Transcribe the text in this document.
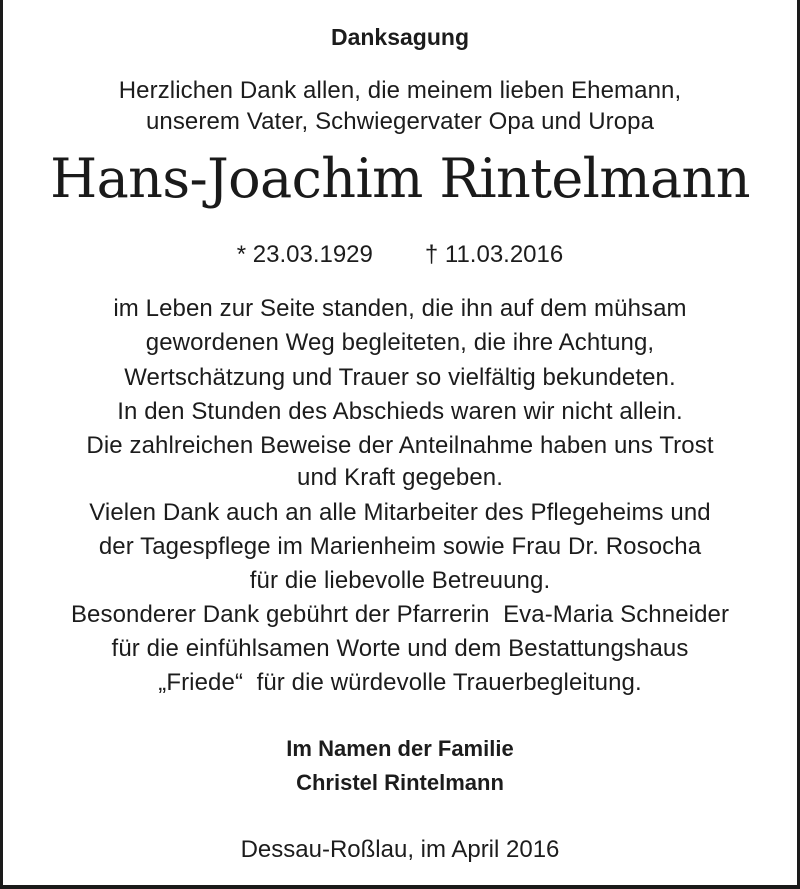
Danksagung

Herzlichen Dank allen, die meinem lieben Ehemann,

unserem Vater, Schwiegervater Opa und Uropa

Hans-Joachim Rintelmann

* 23.03.1929 † 11.03.2016

im Leben zur Seite standen, die ihn auf dem mühsam

gewordenen Weg begleiteten, die ihre Achtung,

Wertschätzung und Trauer so vielfältig bekundeten.

In den Stunden des Abschieds waren wir nicht allein.

Die zahlreichen Beweise der Anteilnahme haben uns Trost

und Kraft gegeben.

Vielen Dank auch an alle Mitarbeiter des Pflegeheims und

der Tagespflege im Marienheim sowie Frau Dr. Rosocha

für die liebevolle Betreuung.

Besonderer Dank gebührt der Pfarrerin  Eva-Maria Schneider

für die einfühlsamen Worte und dem Bestattungshaus

„Friede“  für die würdevolle Trauerbegleitung.

Im Namen der Familie

Christel Rintelmann

Dessau-Roßlau, im April 2016
